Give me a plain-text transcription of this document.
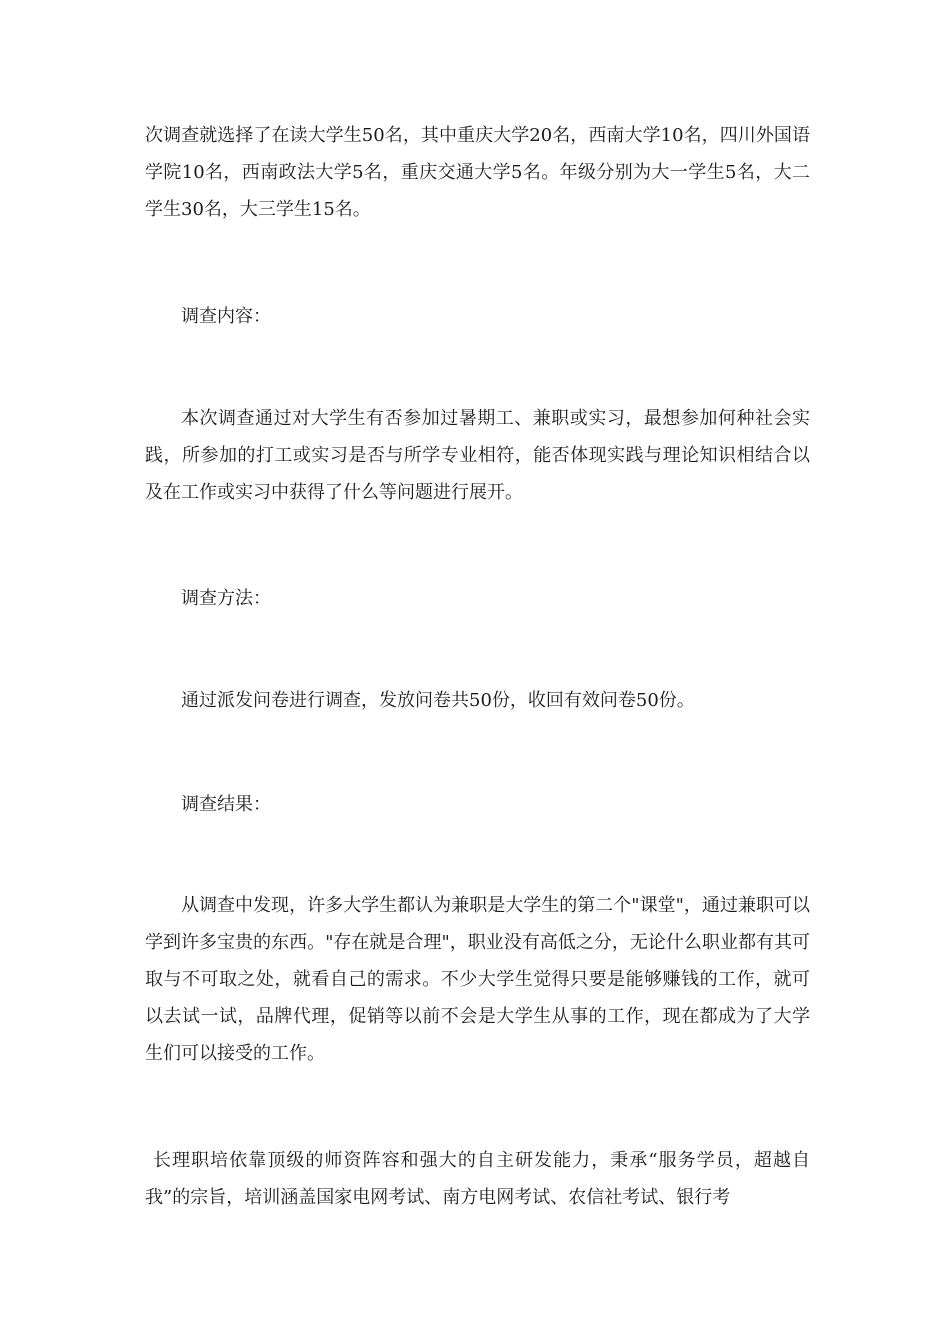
次调查就选择了在读大学生50名，其中重庆大学20名，西南大学10名，四川外国语学院10名，西南政法大学5名，重庆交通大学5名。年级分别为大一学生5名，大二学生30名，大三学生15名。

调查内容：

本次调查通过对大学生有否参加过暑期工、兼职或实习，最想参加何种社会实践，所参加的打工或实习是否与所学专业相符，能否体现实践与理论知识相结合以及在工作或实习中获得了什么等问题进行展开。

调查方法：

通过派发问卷进行调查，发放问卷共50份，收回有效问卷50份。

调查结果：

从调查中发现，许多大学生都认为兼职是大学生的第二个"课堂"，通过兼职可以学到许多宝贵的东西。"存在就是合理"，职业没有高低之分，无论什么职业都有其可取与不可取之处，就看自己的需求。不少大学生觉得只要是能够赚钱的工作，就可以去试一试，品牌代理，促销等以前不会是大学生从事的工作，现在都成为了大学生们可以接受的工作。

长理职培依靠顶级的师资阵容和强大的自主研发能力，秉承“服务学员，超越自我”的宗旨，培训涵盖国家电网考试、南方电网考试、农信社考试、银行考
